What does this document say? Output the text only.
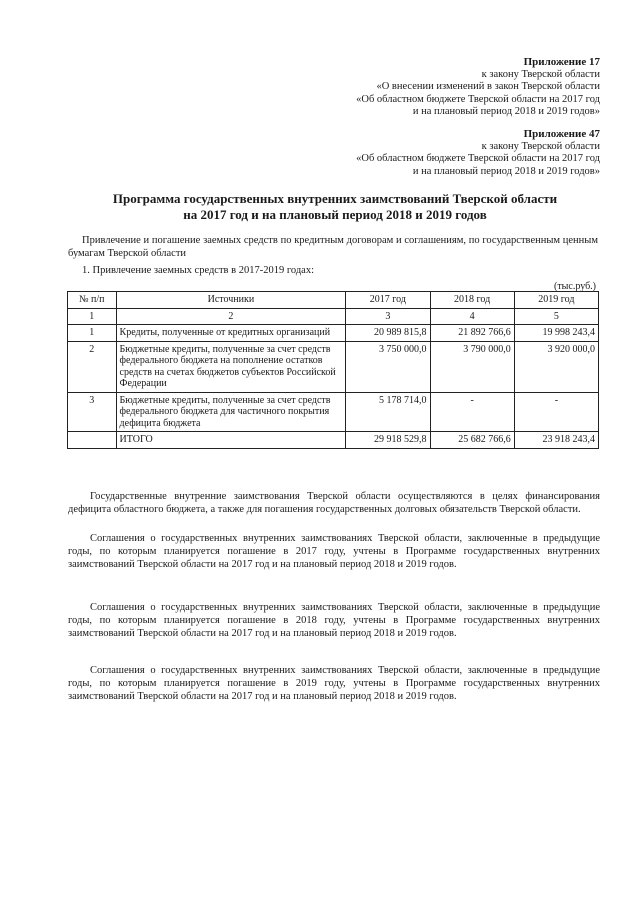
Приложение 17
к закону Тверской области
«О внесении изменений в закон Тверской области
«Об областном бюджете Тверской области на 2017 год
и на плановый период 2018 и 2019 годов»
Приложение 47
к закону Тверской области
«Об областном бюджете Тверской области на 2017 год
и на плановый период 2018 и 2019 годов»
Программа государственных внутренних заимствований Тверской области
на 2017 год и на плановый период 2018 и 2019 годов

Привлечение и погашение заемных средств по кредитным договорам и соглашениям, по государственным ценным бумагам Тверской области

1. Привлечение заемных средств в 2017-2019 годах:
(тыс.руб.)
№ п/п	Источники	2017 год	2018 год	2019 год
1	2	3	4	5
1	Кредиты, полученные от кредитных организаций	20 989 815,8	21 892 766,6	19 998 243,4
2	Бюджетные кредиты, полученные за счет средств федерального бюджета на пополнение остатков средств на счетах бюджетов субъектов Российской Федерации	3 750 000,0	3 790 000,0	3 920 000,0
3	Бюджетные кредиты, полученные за счет средств федерального бюджета для частичного покрытия дефицита бюджета	5 178 714,0	-	-
	ИТОГО	29 918 529,8	25 682 766,6	23 918 243,4

Государственные внутренние заимствования Тверской области осуществляются в целях финансирования дефицита областного бюджета, а также для погашения государственных долговых обязательств Тверской области.

Соглашения о государственных внутренних заимствованиях Тверской области, заключенные в предыдущие годы, по которым планируется погашение в 2017 году, учтены в Программе государственных внутренних заимствований Тверской области на 2017 год и на плановый период 2018 и 2019 годов.

Соглашения о государственных внутренних заимствованиях Тверской области, заключенные в предыдущие годы, по которым планируется погашение в 2018 году, учтены в Программе государственных внутренних заимствований Тверской области на 2017 год и на плановый период 2018 и 2019 годов.

Соглашения о государственных внутренних заимствованиях Тверской области, заключенные в предыдущие годы, по которым планируется погашение в 2019 году, учтены в Программе государственных внутренних заимствований Тверской области на 2017 год и на плановый период 2018 и 2019 годов.
